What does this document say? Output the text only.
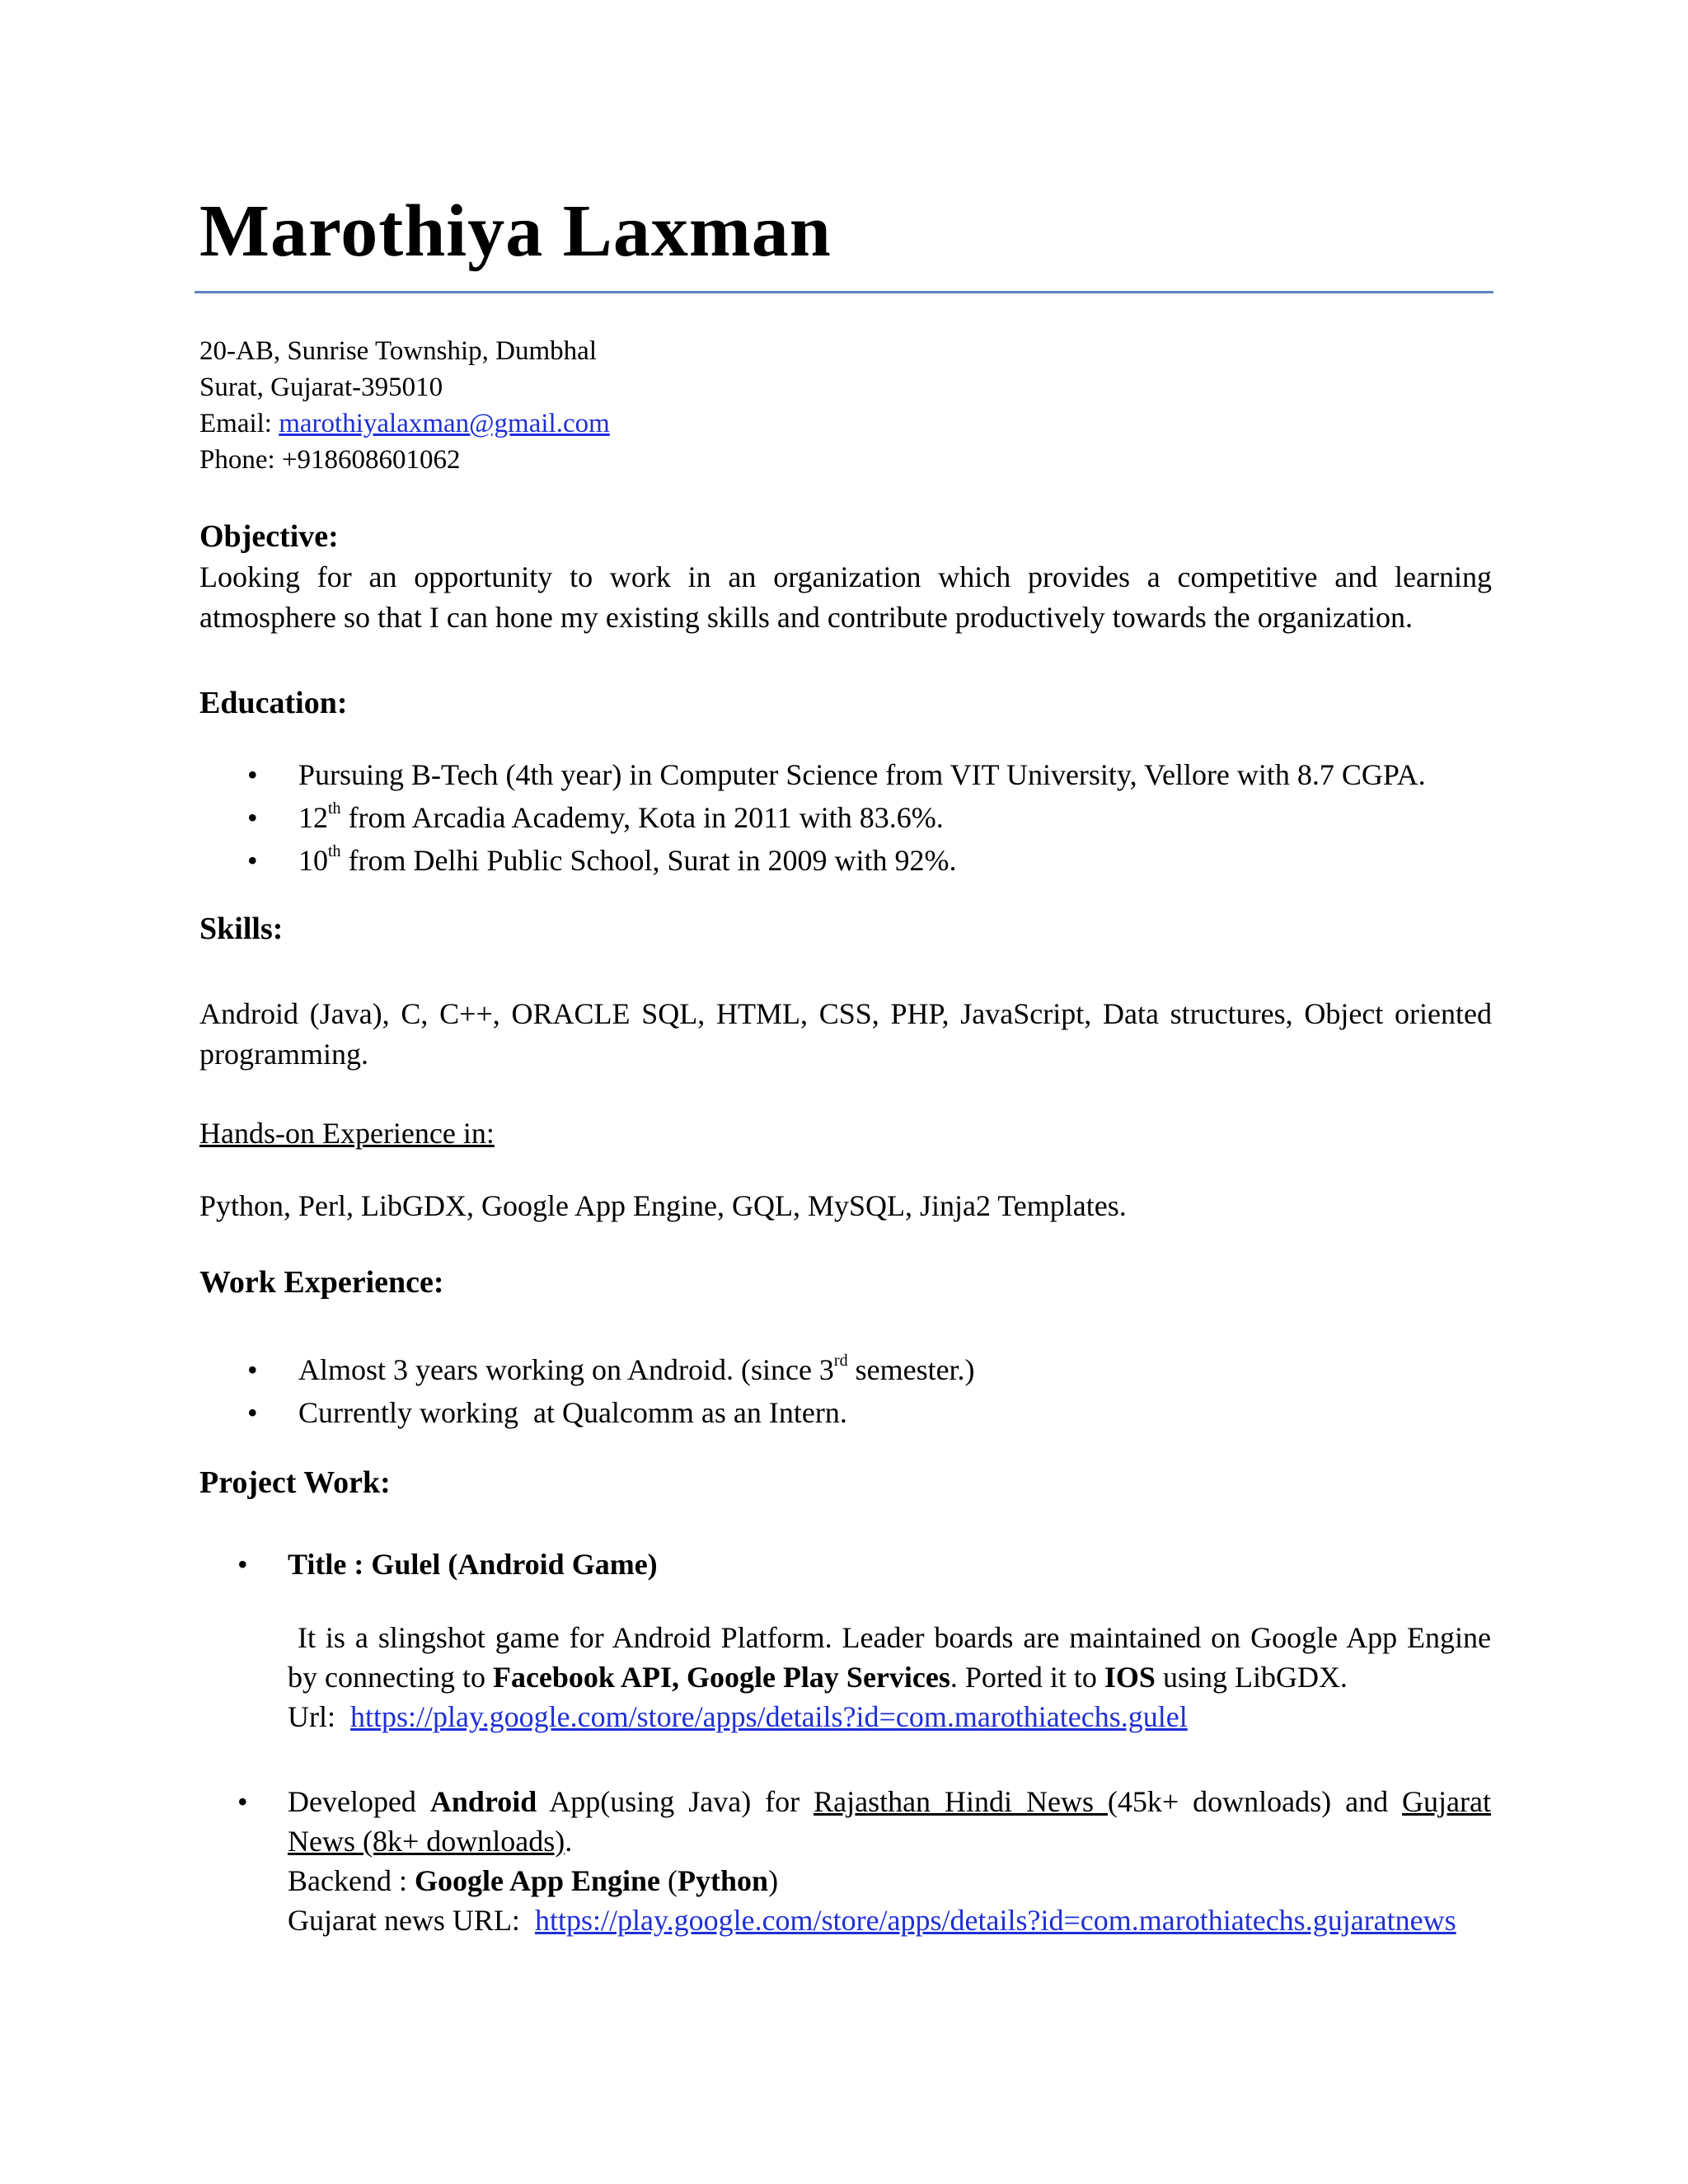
Marothiya Laxman
20-AB, Sunrise Township, Dumbhal
Surat, Gujarat-395010
Email: marothiyalaxman@gmail.com
Phone: +918608601062
Objective:
Looking for an opportunity to work in an organization which provides a competitive and learning
atmosphere so that I can hone my existing skills and contribute productively towards the organization.
Education:
• Pursuing B-Tech (4th year) in Computer Science from VIT University, Vellore with 8.7 CGPA.
• 12th from Arcadia Academy, Kota in 2011 with 83.6%.
• 10th from Delhi Public School, Surat in 2009 with 92%.
Skills:
Android (Java), C, C++, ORACLE SQL, HTML, CSS, PHP, JavaScript, Data structures, Object oriented
programming.
Hands-on Experience in:
Python, Perl, LibGDX, Google App Engine, GQL, MySQL, Jinja2 Templates.
Work Experience:
• Almost 3 years working on Android. (since 3rd semester.)
• Currently working  at Qualcomm as an Intern.
Project Work:
• Title : Gulel (Android Game)
It is a slingshot game for Android Platform. Leader boards are maintained on Google App Engine
by connecting to Facebook API, Google Play Services. Ported it to IOS using LibGDX.
Url:  https://play.google.com/store/apps/details?id=com.marothiatechs.gulel
• Developed Android App(using Java) for Rajasthan Hindi News (45k+ downloads) and Gujarat
News (8k+ downloads).
Backend : Google App Engine (Python)
Gujarat news URL:  https://play.google.com/store/apps/details?id=com.marothiatechs.gujaratnews
